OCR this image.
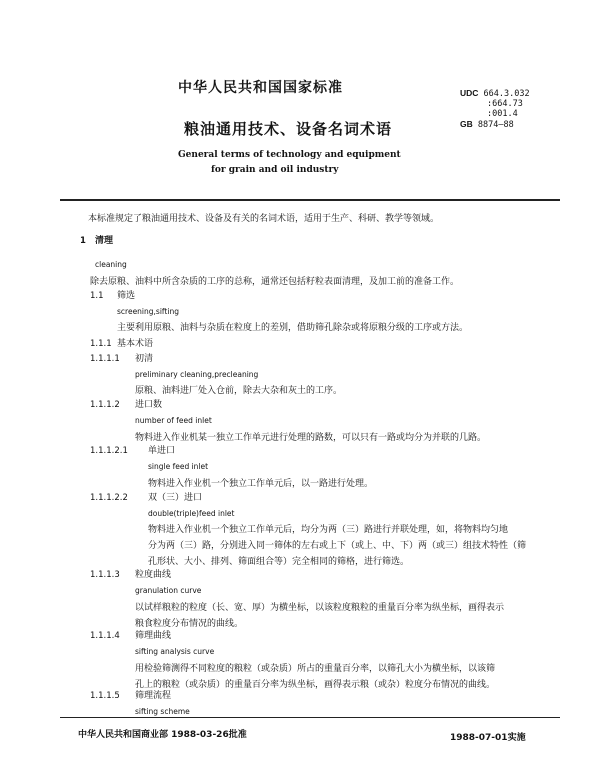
中华人民共和国国家标准
粮油通用技术、设备名词术语
General terms of technology and equipment
for grain and oil industry
UDC 664.3.032
:664.73
:001.4
GB 8874—88
本标准规定了粮油通用技术、设备及有关的名词术语，适用于生产、科研、教学等领域。
1 清理
cleaning
除去原粮、油料中所含杂质的工序的总称，通常还包括籽粒表面清理，及加工前的准备工作。
1.1 筛选
screening,sifting
主要利用原粮、油料与杂质在粒度上的差别，借助筛孔除杂或将原粮分级的工序或方法。
1.1.1 基本术语
1.1.1.1 初清
preliminary cleaning,precleaning
原粮、油料进厂处入仓前，除去大杂和灰土的工序。
1.1.1.2 进口数
number of feed inlet
物料进入作业机某一独立工作单元进行处理的路数，可以只有一路或均分为并联的几路。
1.1.1.2.1 单进口
single feed inlet
物料进入作业机一个独立工作单元后，以一路进行处理。
1.1.1.2.2 双（三）进口
double(triple)feed inlet
物料进入作业机一个独立工作单元后，均分为两（三）路进行并联处理，如，将物料均匀地
分为两（三）路，分别进入同一筛体的左右或上下（或上、中、下）两（或三）组技术特性（筛
孔形状、大小、排列、筛面组合等）完全相同的筛格，进行筛选。
1.1.1.3 粒度曲线
granulation curve
以试样粮粒的粒度（长、宽、厚）为横坐标，以该粒度粮粒的重量百分率为纵坐标，画得表示
粮食粒度分布情况的曲线。
1.1.1.4 筛理曲线
sifting analysis curve
用检验筛测得不同粒度的粮粒（或杂质）所占的重量百分率，以筛孔大小为横坐标，以该筛
孔上的粮粒（或杂质）的重量百分率为纵坐标，画得表示粮（或杂）粒度分布情况的曲线。
1.1.1.5 筛理流程
sifting scheme
中华人民共和国商业部 1988-03-26批准	1988-07-01实施
